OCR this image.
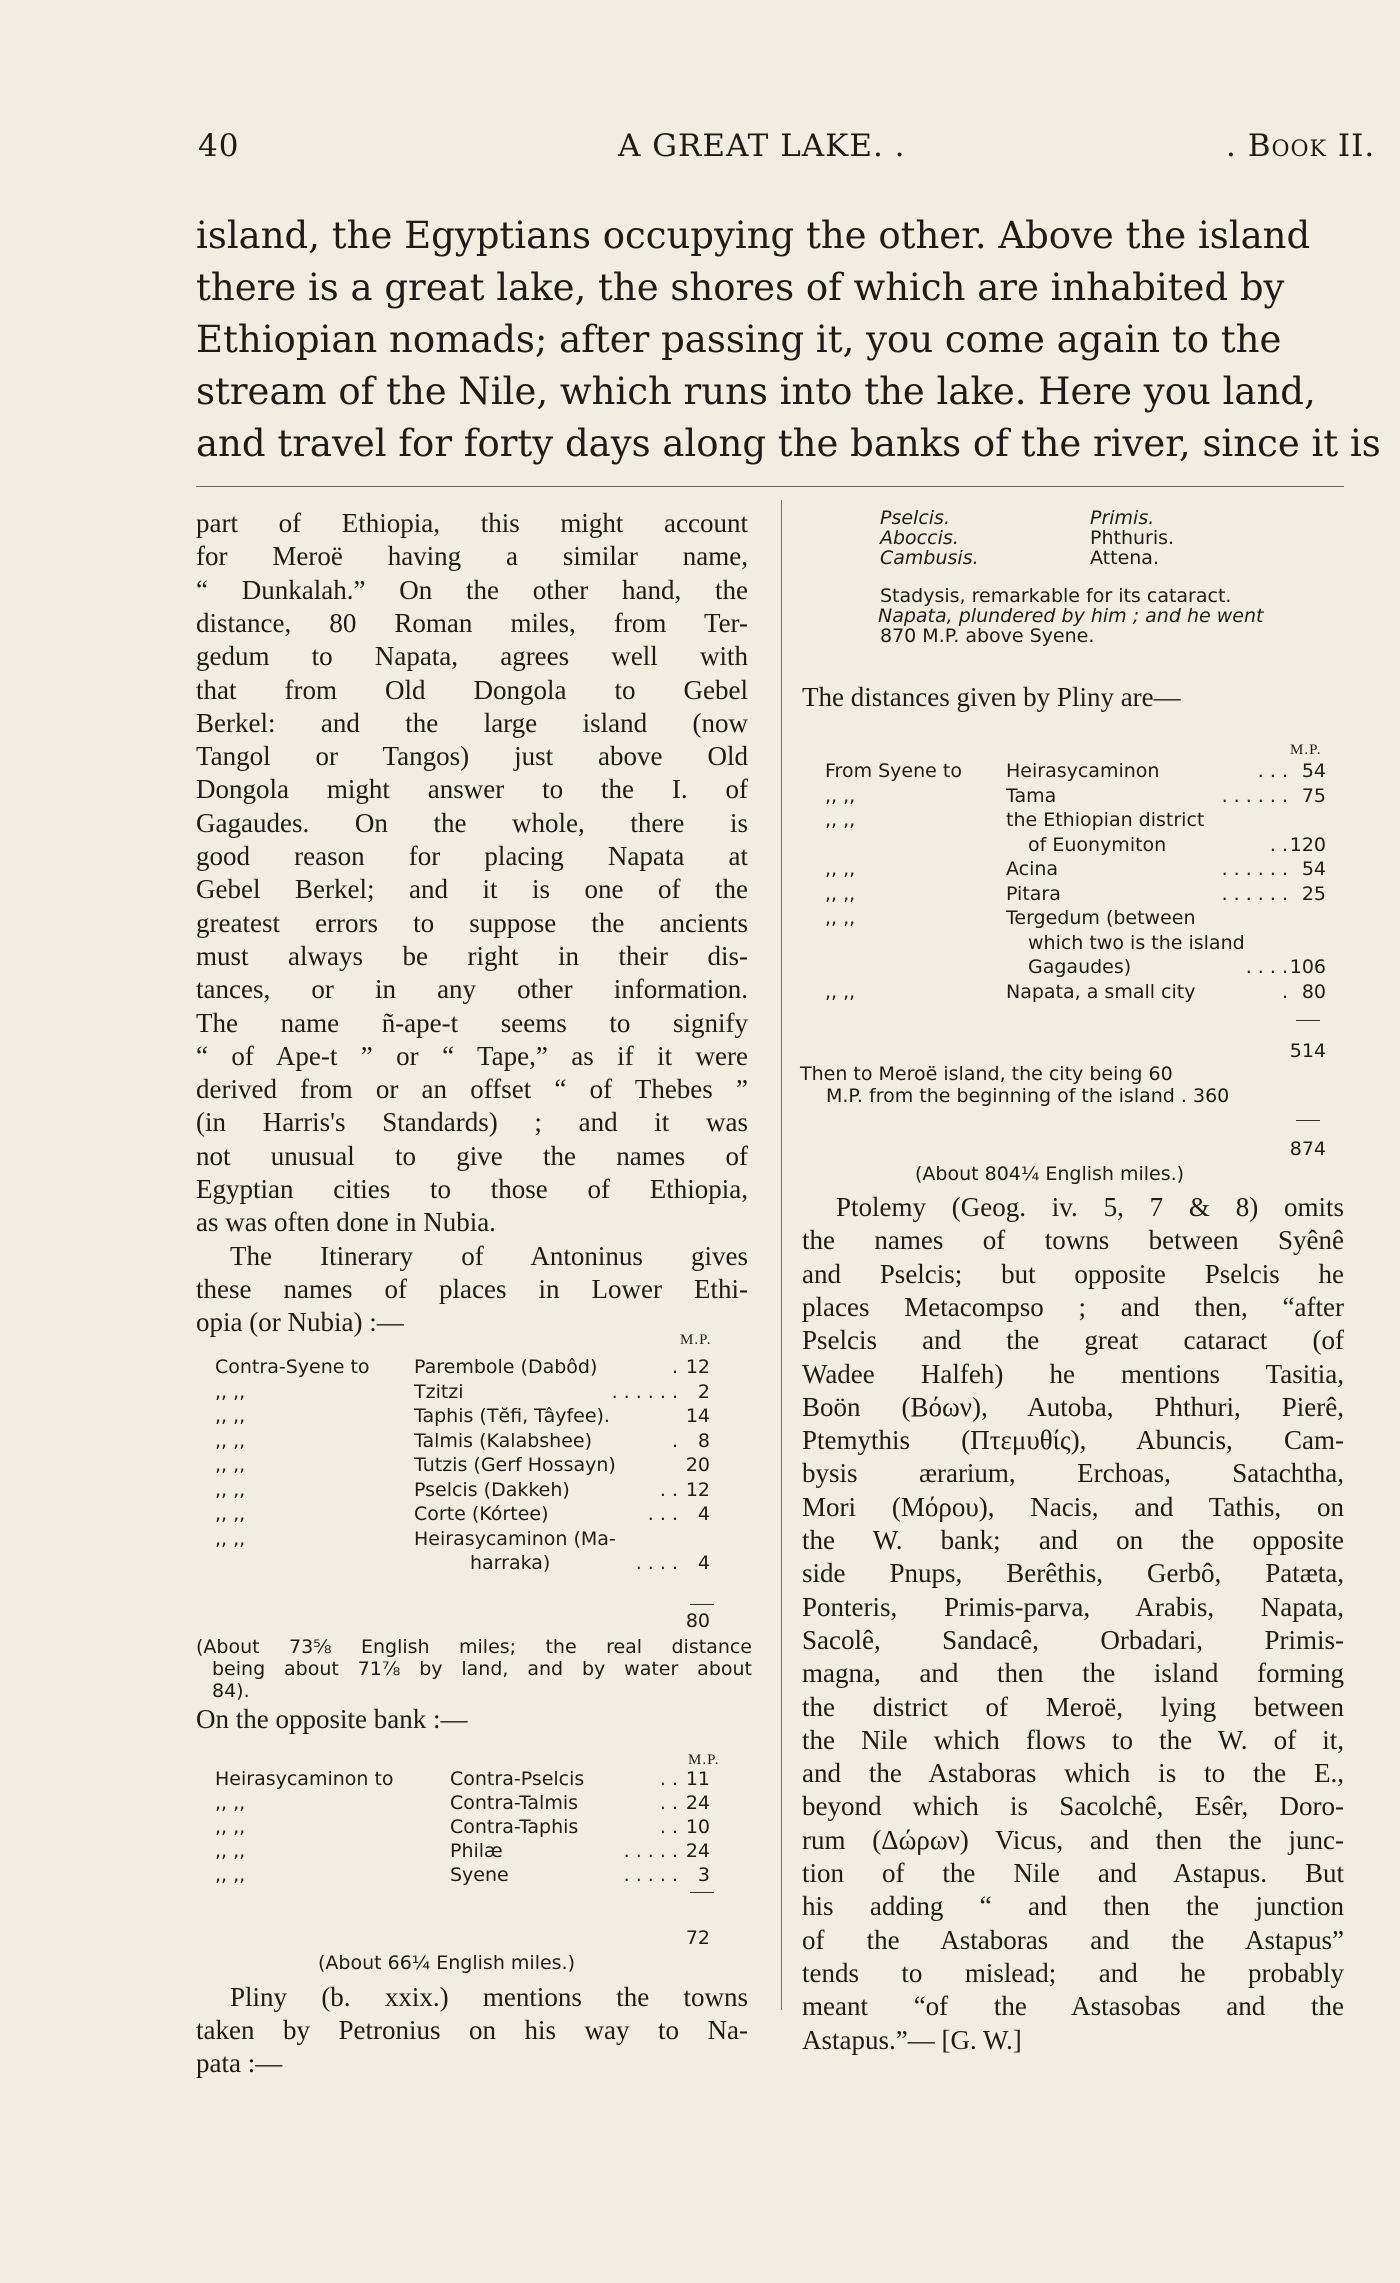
40	A GREAT LAKE. .	. Book II.
island, the Egyptians occupying the other. Above the island
there is a great lake, the shores of which are inhabited by
Ethiopian nomads; after passing it, you come again to the
stream of the Nile, which runs into the lake. Here you land,
and travel for forty days along the banks of the river, since it is
part of Ethiopia, this might account
for Meroë having a similar name,
“ Dunkalah.” On the other hand, the
distance, 80 Roman miles, from Ter-
gedum to Napata, agrees well with
that from Old Dongola to Gebel
Berkel: and the large island (now
Tangol or Tangos) just above Old
Dongola might answer to the I. of
Gagaudes. On the whole, there is
good reason for placing Napata at
Gebel Berkel; and it is one of the
greatest errors to suppose the ancients
must always be right in their dis-
tances, or in any other information.
The name ñ-ape-t seems to signify
“ of Ape-t ” or “ Tape,” as if it were
derived from or an offset “ of Thebes ”
(in Harris's Standards) ; and it was
not unusual to give the names of
Egyptian cities to those of Ethiopia,
as was often done in Nubia.
The Itinerary of Antoninus gives
these names of places in Lower Ethi-
opia (or Nubia) :—
M.P.
Contra-Syene to Parembole (Dabôd)	. 12
,, ,,	Tzitzi	. . . . . .	2
,, ,,	Taphis (Tĕfi, Tâyfee).	14
,, ,,	Talmis (Kalabshee)	.	8
,, ,,	Tutzis (Gerf Hossayn)	20
,, ,,	Pselcis (Dakkeh)	. . 12
,, ,,	Corte (Kórtee)	. . .	4
,, ,,	Heirasycaminon (Ma-
harraka)	. . . .	4
80
(About 73⅝ English miles; the real distance
being about 71⅞ by land, and by water about
84).
On the opposite bank :—
M.P.
Heirasycaminon to	Contra-Pselcis	. . 11
,, ,,	Contra-Talmis	. . 24
,, ,,	Contra-Taphis	. . 10
,, ,,	Philæ	. . . . . 24
,, ,,	Syene	. . . . .	3
72
(About 66¼ English miles.)
Pliny (b. xxix.) mentions the towns
taken by Petronius on his way to Na-
pata :—
Pselcis.	Primis.
Aboccis.	Phthuris.
Cambusis.	Attena.
Stadysis, remarkable for its cataract.
Napata, plundered by him ; and he went
870 M.P. above Syene.
The distances given by Pliny are—
M.P.
From Syene to Heirasycaminon	. . . 54
,, ,,	Tama	. . . . . . 75
,, ,,	the Ethiopian district
of Euonymiton	. . 120
,, ,,	Acina	. . . . . . 54
,, ,,	Pitara	. . . . . . 25
,, ,,	Tergedum (between
which two is the island
Gagaudes)	. . . . 106
,, ,,	Napata, a small city	. 80
514
Then to Meroë island, the city being 60
M.P. from the beginning of the island . 360
874
(About 804¼ English miles.)
Ptolemy (Geog. iv. 5, 7 & 8) omits
the names of towns between Syênê
and Pselcis; but opposite Pselcis he
places Metacompso ; and then, “after
Pselcis and the great cataract (of
Wadee Halfeh) he mentions Tasitia,
Boön (Βόων), Autoba, Phthuri, Pierê,
Ptemythis (Πτεμυθίς), Abuncis, Cam-
bysis ærarium, Erchoas, Satachtha,
Mori (Μόρου), Nacis, and Tathis, on
the W. bank; and on the opposite
side Pnups, Berêthis, Gerbô, Patæta,
Ponteris, Primis-parva, Arabis, Napata,
Sacolê, Sandacê, Orbadari, Primis-
magna, and then the island forming
the district of Meroë, lying between
the Nile which flows to the W. of it,
and the Astaboras which is to the E.,
beyond which is Sacolchê, Esêr, Doro-
rum (Δώρων) Vicus, and then the junc-
tion of the Nile and Astapus. But
his adding “ and then the junction
of the Astaboras and the Astapus”
tends to mislead; and he probably
meant “of the Astasobas and the
Astapus.”— [G. W.]
